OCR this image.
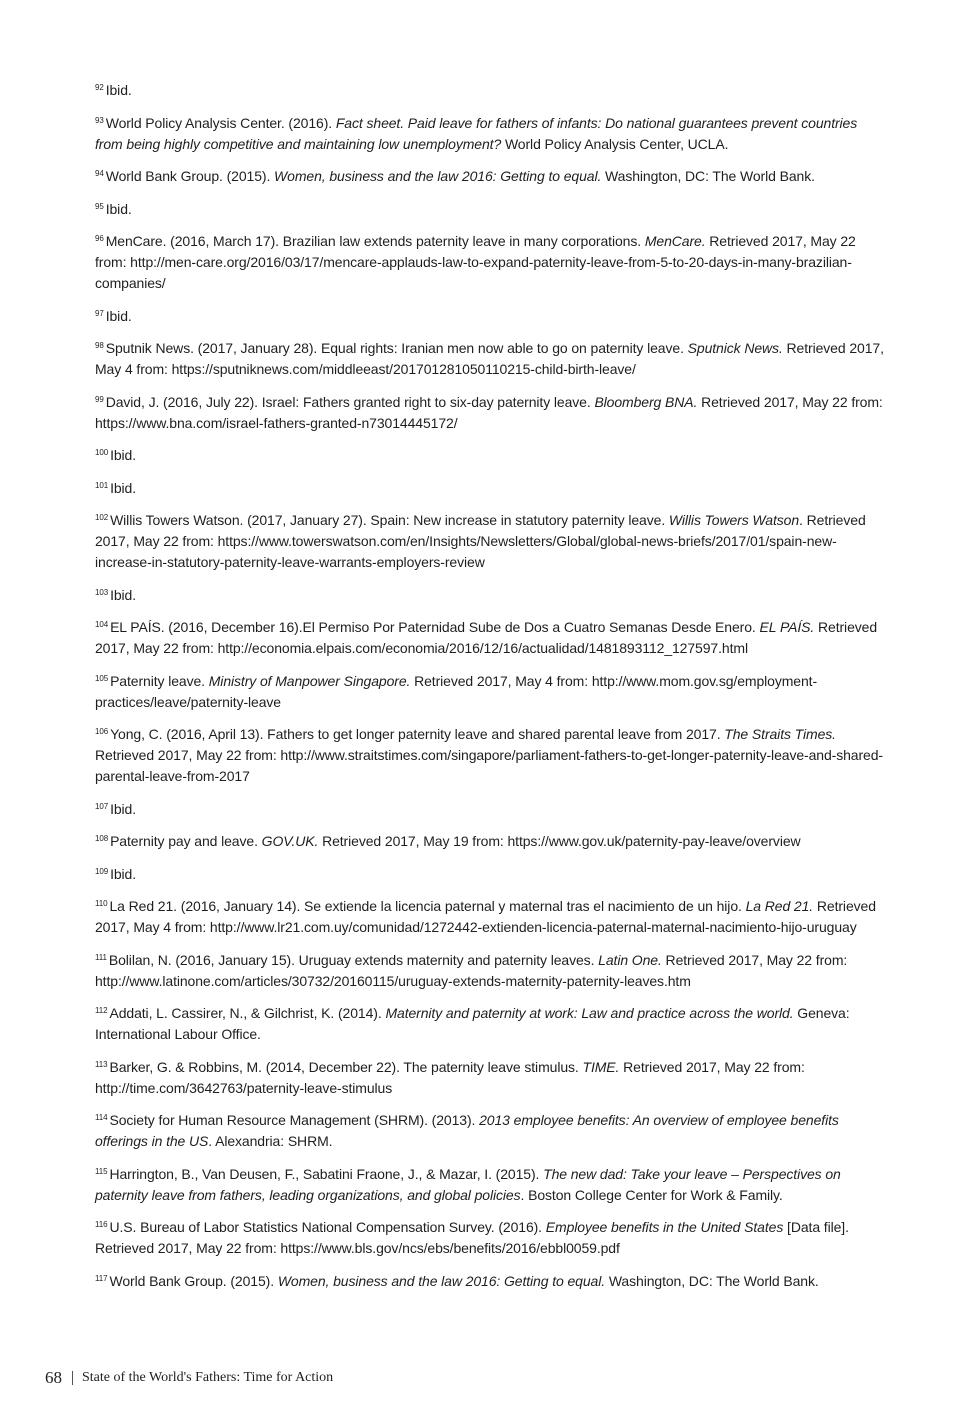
$^{92}$ Ibid.

$^{93}$ World Policy Analysis Center. (2016). Fact sheet. Paid leave for fathers of infants: Do national guarantees prevent countries from being highly competitive and maintaining low unemployment? World Policy Analysis Center, UCLA.

$^{94}$ World Bank Group. (2015). Women, business and the law 2016: Getting to equal. Washington, DC: The World Bank.

$^{95}$ Ibid.

$^{96}$ MenCare. (2016, March 17). Brazilian law extends paternity leave in many corporations. MenCare. Retrieved 2017, May 22 from: http://men-care.org/2016/03/17/mencare-applauds-law-to-expand-paternity-leave-from-5-to-20-days-in-many-brazilian-companies/

$^{97}$ Ibid.

$^{98}$ Sputnik News. (2017, January 28). Equal rights: Iranian men now able to go on paternity leave. Sputnick News. Retrieved 2017, May 4 from: https://sputniknews.com/middleeast/201701281050110215-child-birth-leave/

$^{99}$ David, J. (2016, July 22). Israel: Fathers granted right to six-day paternity leave. Bloomberg BNA. Retrieved 2017, May 22 from: https://www.bna.com/israel-fathers-granted-n73014445172/

$^{100}$ Ibid.

$^{101}$ Ibid.

$^{102}$ Willis Towers Watson. (2017, January 27). Spain: New increase in statutory paternity leave. Willis Towers Watson. Retrieved 2017, May 22 from: https://www.towerswatson.com/en/Insights/Newsletters/Global/global-news-briefs/2017/01/spain-new-increase-in-statutory-paternity-leave-warrants-employers-review

$^{103}$ Ibid.

$^{104}$ EL PAÍS. (2016, December 16).El Permiso Por Paternidad Sube de Dos a Cuatro Semanas Desde Enero. EL PAÍS. Retrieved 2017, May 22 from: http://economia.elpais.com/economia/2016/12/16/actualidad/1481893112_127597.html

$^{105}$ Paternity leave. Ministry of Manpower Singapore. Retrieved 2017, May 4 from: http://www.mom.gov.sg/employment-practices/leave/paternity-leave

$^{106}$ Yong, C. (2016, April 13). Fathers to get longer paternity leave and shared parental leave from 2017. The Straits Times. Retrieved 2017, May 22 from: http://www.straitstimes.com/singapore/parliament-fathers-to-get-longer-paternity-leave-and-shared-parental-leave-from-2017

$^{107}$ Ibid.

$^{108}$ Paternity pay and leave. GOV.UK. Retrieved 2017, May 19 from: https://www.gov.uk/paternity-pay-leave/overview

$^{109}$ Ibid.

$^{110}$ La Red 21. (2016, January 14). Se extiende la licencia paternal y maternal tras el nacimiento de un hijo. La Red 21. Retrieved 2017, May 4 from: http://www.lr21.com.uy/comunidad/1272442-extienden-licencia-paternal-maternal-nacimiento-hijo-uruguay

$^{111}$ Bolilan, N. (2016, January 15). Uruguay extends maternity and paternity leaves. Latin One. Retrieved 2017, May 22 from: http://www.latinone.com/articles/30732/20160115/uruguay-extends-maternity-paternity-leaves.htm

$^{112}$ Addati, L. Cassirer, N., & Gilchrist, K. (2014). Maternity and paternity at work: Law and practice across the world. Geneva: International Labour Office.

$^{113}$ Barker, G. & Robbins, M. (2014, December 22). The paternity leave stimulus. TIME. Retrieved 2017, May 22 from: http://time.com/3642763/paternity-leave-stimulus

$^{114}$ Society for Human Resource Management (SHRM). (2013). 2013 employee benefits: An overview of employee benefits offerings in the US. Alexandria: SHRM.

$^{115}$ Harrington, B., Van Deusen, F., Sabatini Fraone, J., & Mazar, I. (2015). The new dad: Take your leave – Perspectives on paternity leave from fathers, leading organizations, and global policies. Boston College Center for Work & Family.

$^{116}$ U.S. Bureau of Labor Statistics National Compensation Survey. (2016). Employee benefits in the United States [Data file]. Retrieved 2017, May 22 from: https://www.bls.gov/ncs/ebs/benefits/2016/ebbl0059.pdf

$^{117}$ World Bank Group. (2015). Women, business and the law 2016: Getting to equal. Washington, DC: The World Bank.

68 State of the World's Fathers: Time for Action
